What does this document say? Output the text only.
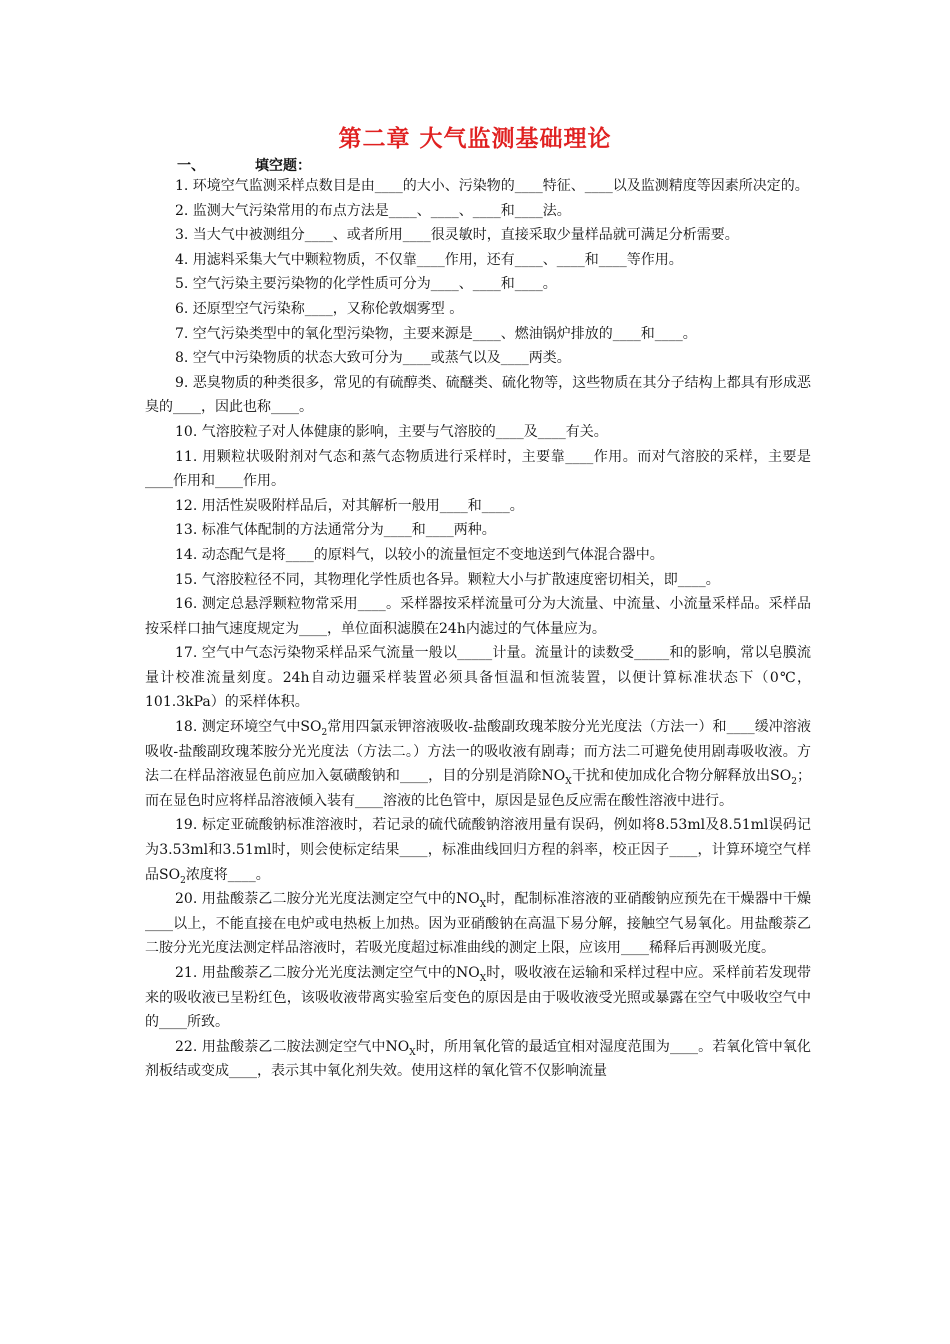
第二章 大气监测基础理论
一、	填空题：

1. 环境空气监测采样点数目是由____的大小、污染物的____特征、____以及监测精度等因素所决定的。

2. 监测大气污染常用的布点方法是____、____、____和____法。

3. 当大气中被测组分____、或者所用____很灵敏时，直接采取少量样品就可满足分析需要。

4. 用滤料采集大气中颗粒物质，不仅靠____作用，还有____、____和____等作用。

5. 空气污染主要污染物的化学性质可分为____、____和____。

6. 还原型空气污染称____，又称伦敦烟雾型 。

7. 空气污染类型中的氧化型污染物，主要来源是____、燃油锅炉排放的____和____。

8. 空气中污染物质的状态大致可分为____或蒸气以及____两类。

9. 恶臭物质的种类很多，常见的有硫醇类、硫醚类、硫化物等，这些物质在其分子结构上都具有形成恶臭的____，因此也称____。

10. 气溶胶粒子对人体健康的影响，主要与气溶胶的____及____有关。

11. 用颗粒状吸附剂对气态和蒸气态物质进行采样时，主要靠____作用。而对气溶胶的采样，主要是____作用和____作用。

12. 用活性炭吸附样品后，对其解析一般用____和____。

13. 标准气体配制的方法通常分为____和____两种。

14. 动态配气是将____的原料气，以较小的流量恒定不变地送到气体混合器中。

15. 气溶胶粒径不同，其物理化学性质也各异。颗粒大小与扩散速度密切相关，即____。

16. 测定总悬浮颗粒物常采用____。采样器按采样流量可分为大流量、中流量、小流量采样品。采样品按采样口抽气速度规定为____，单位面积滤膜在24h内滤过的气体量应为。

17. 空气中气态污染物采样品采气流量一般以_____计量。流量计的读数受_____和的影响，常以皂膜流量计校准流量刻度。24h自动边疆采样装置必须具备恒温和恒流装置，以便计算标准状态下（0℃，101.3kPa）的采样体积。

18. 测定环境空气中$SO_2$常用四氯汞钾溶液吸收-盐酸副玫瑰苯胺分光光度法（方法一）和____缓冲溶液吸收-盐酸副玫瑰苯胺分光光度法（方法二。）方法一的吸收液有剧毒；而方法二可避免使用剧毒吸收液。方法二在样品溶液显色前应加入氨磺酸钠和____，目的分别是消除$NO_X$干扰和使加成化合物分解释放出$SO_2$；而在显色时应将样品溶液倾入装有____溶液的比色管中，原因是显色反应需在酸性溶液中进行。

19. 标定亚硫酸钠标准溶液时，若记录的硫代硫酸钠溶液用量有误码，例如将8.53ml及8.51ml误码记为3.53ml和3.51ml时，则会使标定结果____，标准曲线回归方程的斜率，校正因子____，计算环境空气样品$SO_2$浓度将____。

20. 用盐酸萘乙二胺分光光度法测定空气中的$NO_X$时，配制标准溶液的亚硝酸钠应预先在干燥器中干燥____以上，不能直接在电炉或电热板上加热。因为亚硝酸钠在高温下易分解，接触空气易氧化。用盐酸萘乙二胺分光光度法测定样品溶液时，若吸光度超过标准曲线的测定上限，应该用____稀释后再测吸光度。

21. 用盐酸萘乙二胺分光光度法测定空气中的$NO_X$时，吸收液在运输和采样过程中应。采样前若发现带来的吸收液已呈粉红色，该吸收液带离实验室后变色的原因是由于吸收液受光照或暴露在空气中吸收空气中的____所致。

22. 用盐酸萘乙二胺法测定空气中$NO_X$时，所用氧化管的最适宜相对湿度范围为____。若氧化管中氧化剂板结或变成____，表示其中氧化剂失效。使用这样的氧化管不仅影响流量
